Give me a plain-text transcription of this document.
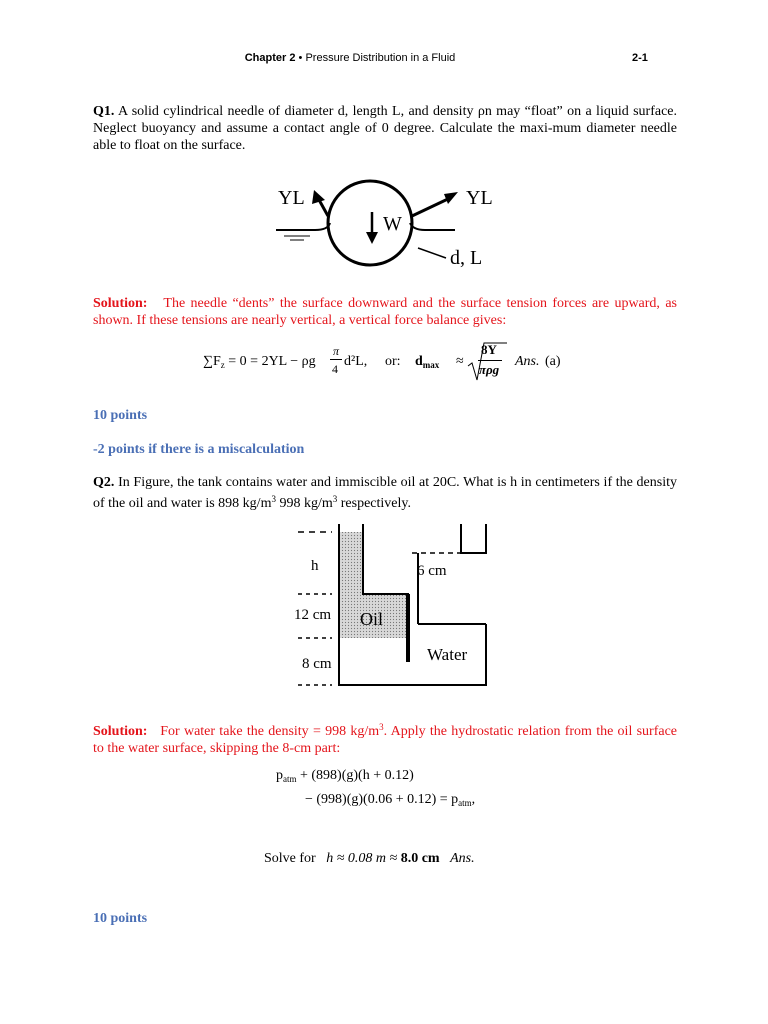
Chapter 2 • Pressure Distribution in a Fluid	2-1
Q1. A solid cylindrical needle of diameter d, length L, and density ρn may “float” on a liquid surface. Neglect buoyancy and assume a contact angle of 0 degree. Calculate the maxi-mum diameter needle able to float on the surface.
YL	YL
W
d, L
Solution: The needle “dents” the surface downward and the surface tension forces are upward, as shown. If these tensions are nearly vertical, a vertical force balance gives:
$\sum F_z = 0 = 2YL - \rho g$
π
4 d²L, or: $d_{max}$ ≈
8Y
πρg
Ans. (a)
10 points
-2 points if there is a miscalculation
Q2. In Figure, the tank contains water and immiscible oil at 20C. What is h in centimeters if the density of the oil and water is 898 $kg/m^3$ 998 $kg/m^3$ respectively.
h	6 cm
12 cm
8 cm
Oil
Water
Solution: For water take the density = 998 $kg/m^3$. Apply the hydrostatic relation from the oil surface to the water surface, skipping the 8-cm part:
$p_{atm} + (898)(g)(h + 0.12)$
− $(998)(g)(0.06 + 0.12) = p_{atm}$,
Solve for h ≈ 0.08 m ≈ 8.0 cm Ans.
10 points
